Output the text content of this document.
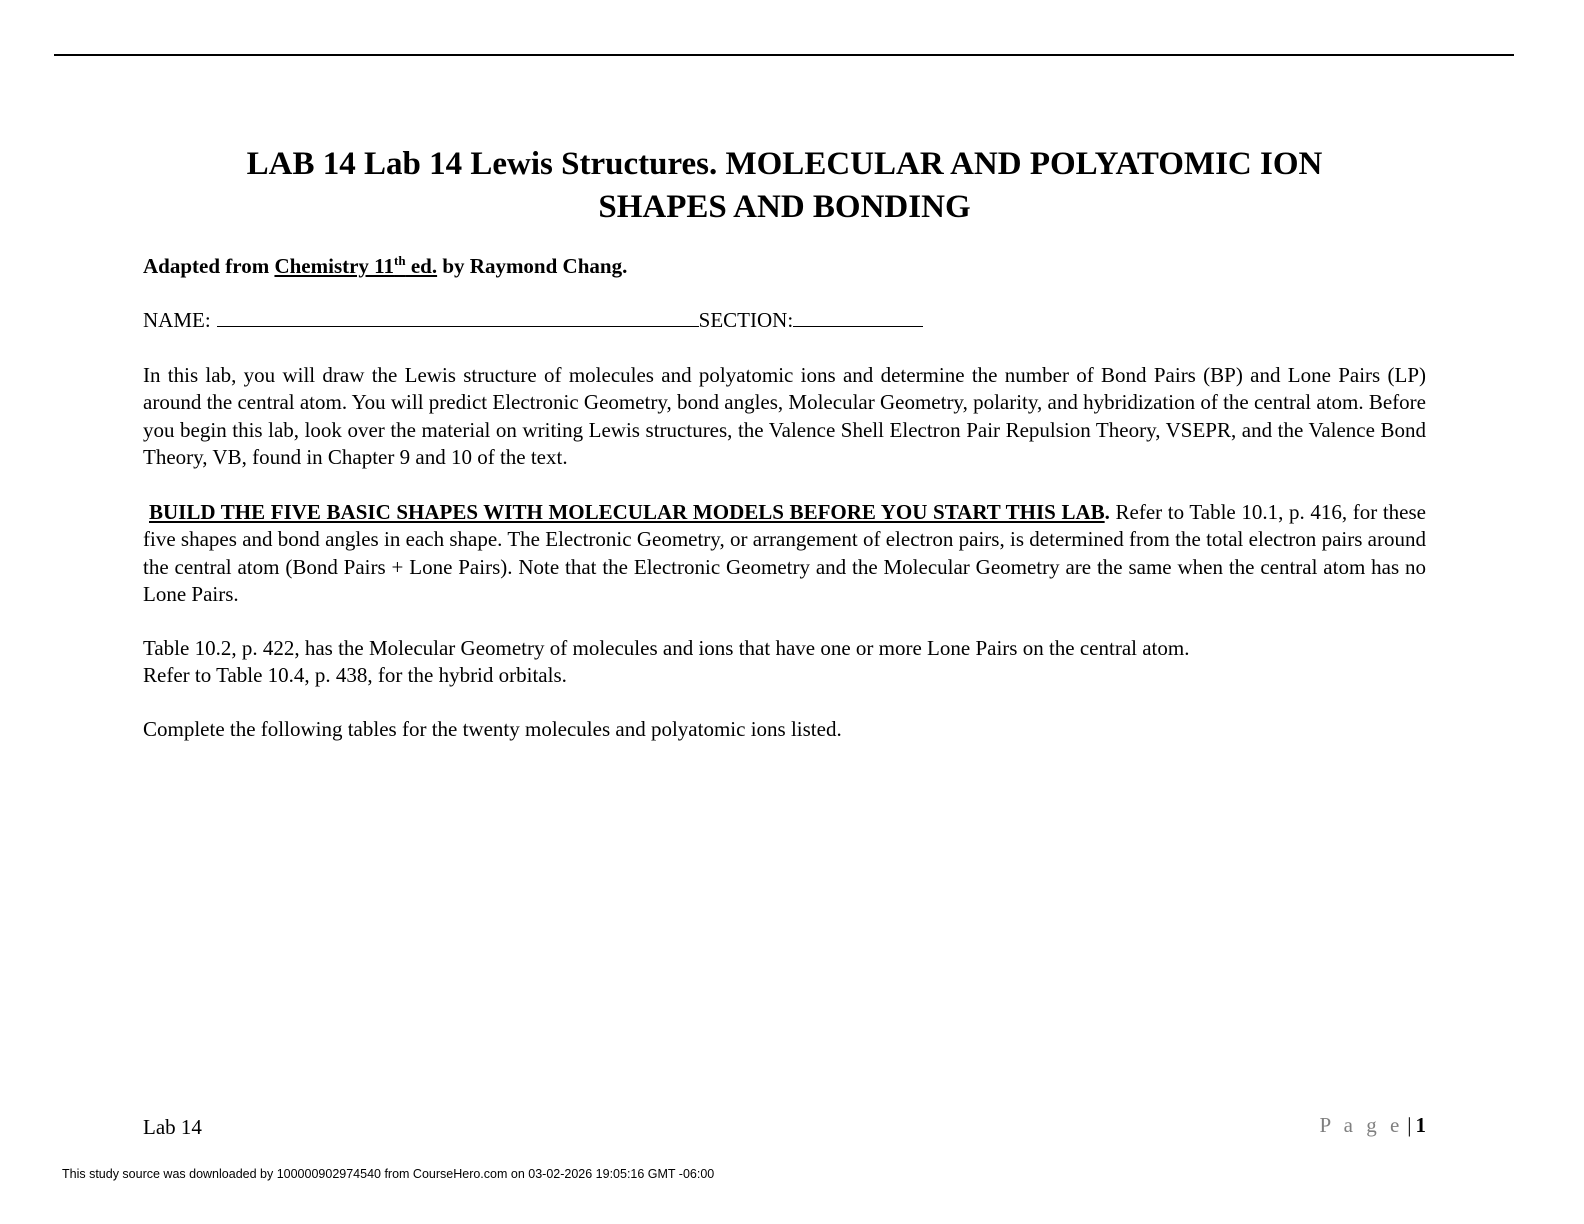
LAB 14 Lab 14 Lewis Structures. MOLECULAR AND POLYATOMIC ION
SHAPES AND BONDING
Adapted from Chemistry 11th ed. by Raymond Chang.
NAME:	SECTION:

In this lab, you will draw the Lewis structure of molecules and polyatomic ions and determine the number of Bond Pairs (BP) and Lone Pairs (LP) around the central atom. You will predict Electronic Geometry, bond angles, Molecular Geometry, polarity, and hybridization of the central atom. Before you begin this lab, look over the material on writing Lewis structures, the Valence Shell Electron Pair Repulsion Theory, VSEPR, and the Valence Bond Theory, VB, found in Chapter 9 and 10 of the text.

BUILD THE FIVE BASIC SHAPES WITH MOLECULAR MODELS BEFORE YOU START THIS LAB. Refer to Table 10.1, p. 416, for these five shapes and bond angles in each shape. The Electronic Geometry, or arrangement of electron pairs, is determined from the total electron pairs around the central atom (Bond Pairs + Lone Pairs). Note that the Electronic Geometry and the Molecular Geometry are the same when the central atom has no Lone Pairs.

Table 10.2, p. 422, has the Molecular Geometry of molecules and ions that have one or more Lone Pairs on the central atom.
Refer to Table 10.4, p. 438, for the hybrid orbitals.

Complete the following tables for the twenty molecules and polyatomic ions listed.

Lab 14	P a g e | 1
This study source was downloaded by 100000902974540 from CourseHero.com on 03-02-2026 19:05:16 GMT -06:00
